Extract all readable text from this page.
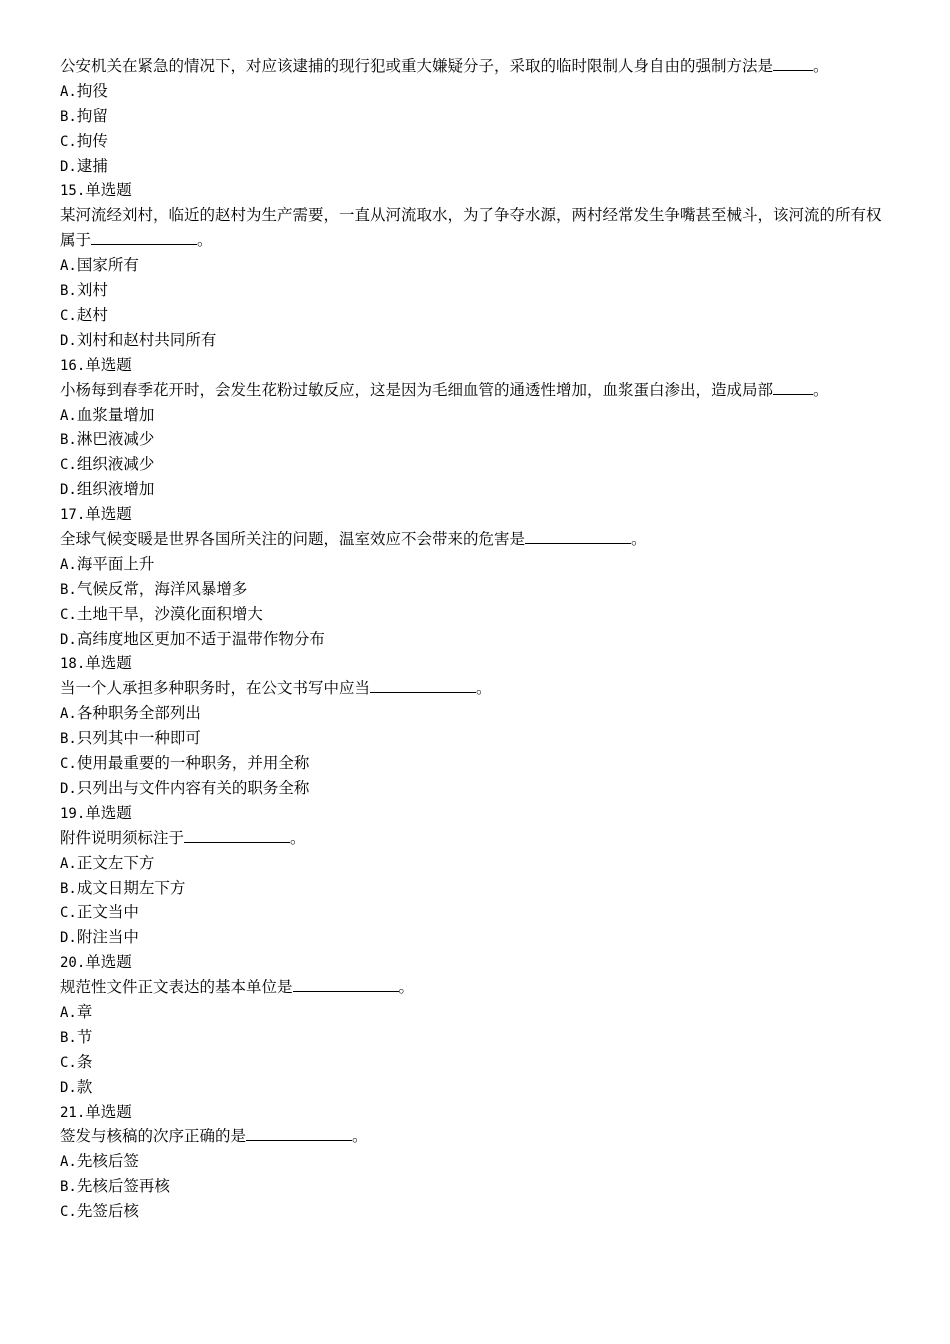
公安机关在紧急的情况下，对应该逮捕的现行犯或重大嫌疑分子，采取的临时限制人身自由的强制方法是	。
A.拘役
B.拘留
C.拘传
D.逮捕
15.单选题
某河流经刘村，临近的赵村为生产需要，一直从河流取水，为了争夺水源，两村经常发生争嘴甚至械斗，该河流的所有权属于	。
A.国家所有
B.刘村
C.赵村
D.刘村和赵村共同所有
16.单选题
小杨每到春季花开时，会发生花粉过敏反应，这是因为毛细血管的通透性增加，血浆蛋白渗出，造成局部	。
A.血浆量增加
B.淋巴液减少
C.组织液减少
D.组织液增加
17.单选题
全球气候变暖是世界各国所关注的问题，温室效应不会带来的危害是	。
A.海平面上升
B.气候反常，海洋风暴增多
C.土地干旱，沙漠化面积增大
D.高纬度地区更加不适于温带作物分布
18.单选题
当一个人承担多种职务时，在公文书写中应当	。
A.各种职务全部列出
B.只列其中一种即可
C.使用最重要的一种职务，并用全称
D.只列出与文件内容有关的职务全称
19.单选题
附件说明须标注于	。
A.正文左下方
B.成文日期左下方
C.正文当中
D.附注当中
20.单选题
规范性文件正文表达的基本单位是	。
A.章
B.节
C.条
D.款
21.单选题
签发与核稿的次序正确的是	。
A.先核后签
B.先核后签再核
C.先签后核
